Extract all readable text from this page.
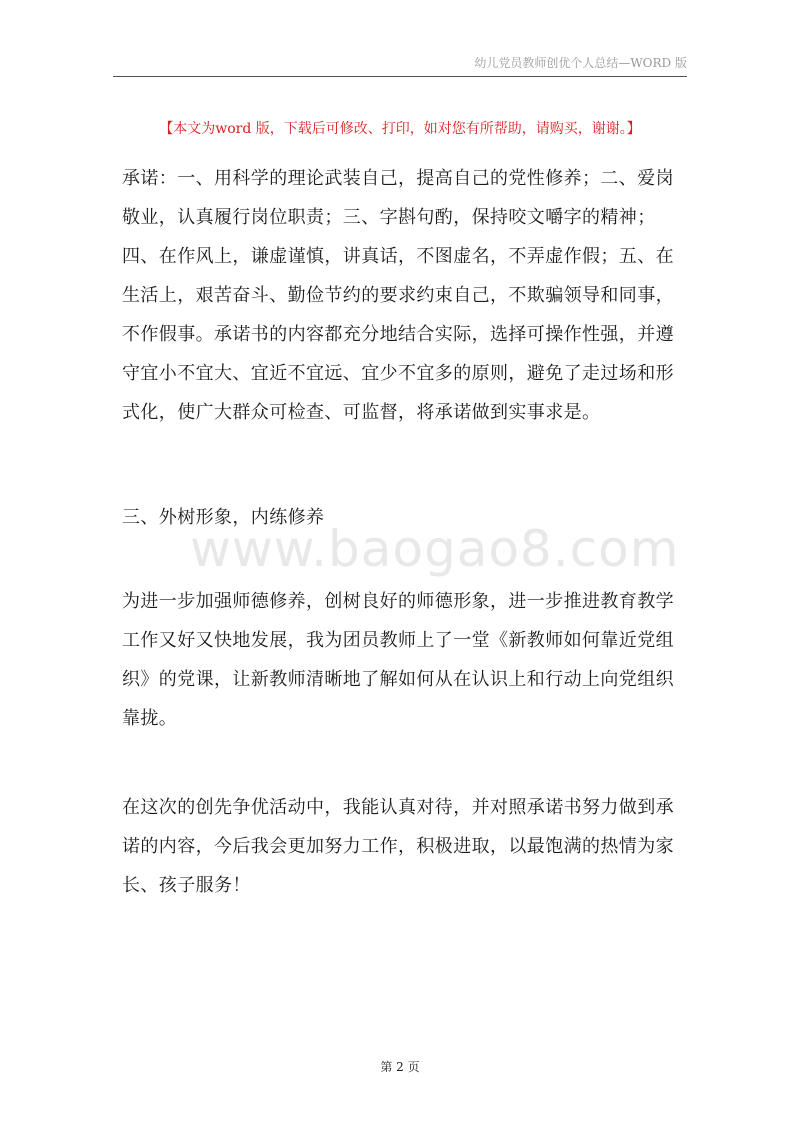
幼儿党员教师创优个人总结—WORD 版
【本文为word 版，下载后可修改、打印，如对您有所帮助，请购买，谢谢。】

承诺：一、用科学的理论武装自己，提高自己的党性修养；二、爱岗敬业，认真履行岗位职责；三、字斟句酌，保持咬文嚼字的精神；四、在作风上，谦虚谨慎，讲真话，不图虚名，不弄虚作假；五、在生活上，艰苦奋斗、勤俭节约的要求约束自己，不欺骗领导和同事，不作假事。承诺书的内容都充分地结合实际，选择可操作性强，并遵守宜小不宜大、宜近不宜远、宜少不宜多的原则，避免了走过场和形式化，使广大群众可检查、可监督，将承诺做到实事求是。

三、外树形象，内练修养

www.baogao8.com

为进一步加强师德修养，创树良好的师德形象，进一步推进教育教学工作又好又快地发展，我为团员教师上了一堂《新教师如何靠近党组织》的党课，让新教师清晰地了解如何从在认识上和行动上向党组织靠拢。

在这次的创先争优活动中，我能认真对待，并对照承诺书努力做到承诺的内容，今后我会更加努力工作，积极进取，以最饱满的热情为家长、孩子服务！

第 2 页
